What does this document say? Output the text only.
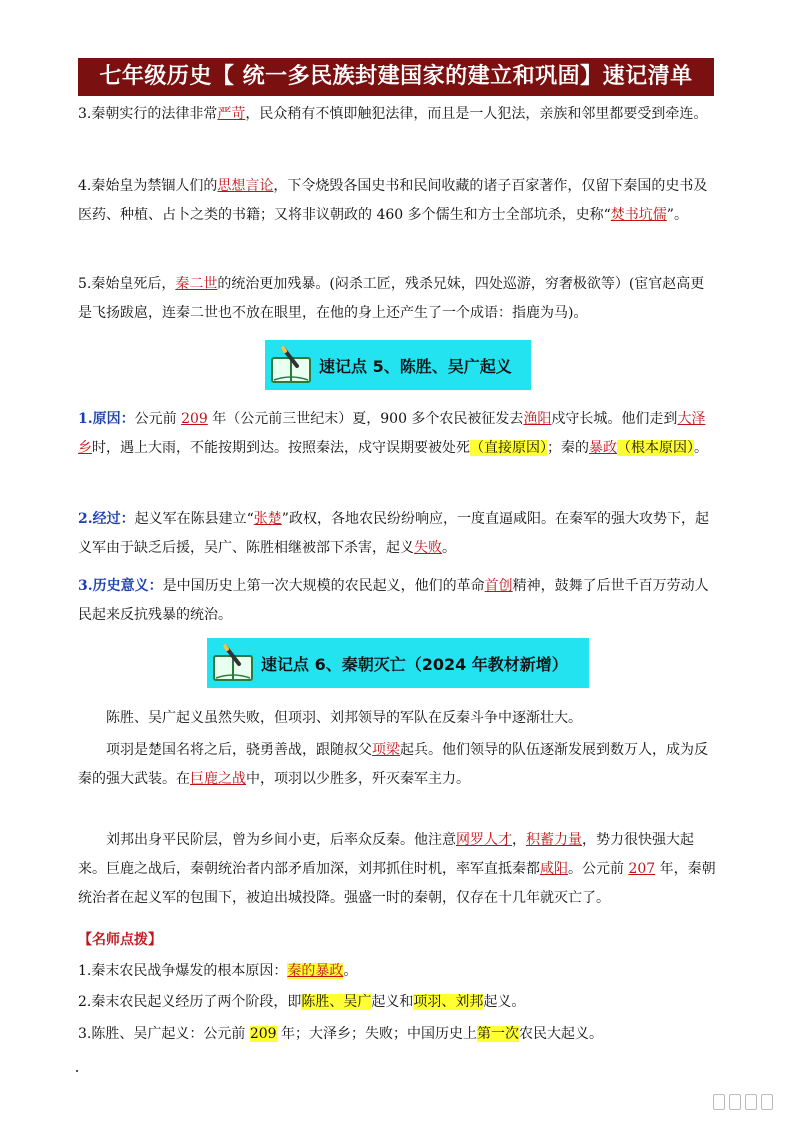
七年级历史【 统一多民族封建国家的建立和巩固】速记清单

3.秦朝实行的法律非常严苛，民众稍有不慎即触犯法律，而且是一人犯法，亲族和邻里都要受到牵连。

4.秦始皇为禁锢人们的思想言论，下令烧毁各国史书和民间收藏的诸子百家著作，仅留下秦国的史书及医药、种植、占卜之类的书籍；又将非议朝政的 460 多个儒生和方士全部坑杀，史称“焚书坑儒”。

5.秦始皇死后，秦二世的统治更加残暴。(闷杀工匠，残杀兄妹，四处巡游，穷奢极欲等）(宦官赵高更是飞扬跋扈，连秦二世也不放在眼里，在他的身上还产生了一个成语：指鹿为马)。

速记点 5、陈胜、吴广起义

1.原因：公元前 209 年（公元前三世纪末）夏，900 多个农民被征发去渔阳戍守长城。他们走到大泽乡时，遇上大雨，不能按期到达。按照秦法，戍守误期要被处死（直接原因）；秦的暴政（根本原因）。

2.经过：起义军在陈县建立“张楚”政权，各地农民纷纷响应，一度直逼咸阳。在秦军的强大攻势下，起义军由于缺乏后援，吴广、陈胜相继被部下杀害，起义失败。

3.历史意义：是中国历史上第一次大规模的农民起义，他们的革命首创精神，鼓舞了后世千百万劳动人民起来反抗残暴的统治。

速记点 6、秦朝灭亡（2024 年教材新增）

陈胜、吴广起义虽然失败，但项羽、刘邦领导的军队在反秦斗争中逐渐壮大。

项羽是楚国名将之后，骁勇善战，跟随叔父项梁起兵。他们领导的队伍逐渐发展到数万人，成为反秦的强大武装。在巨鹿之战中，项羽以少胜多，歼灭秦军主力。

刘邦出身平民阶层，曾为乡间小吏，后率众反秦。他注意网罗人才，积蓄力量，势力很快强大起来。巨鹿之战后，秦朝统治者内部矛盾加深，刘邦抓住时机，率军直抵秦都咸阳。公元前 207 年，秦朝统治者在起义军的包围下，被迫出城投降。强盛一时的秦朝，仅存在十几年就灭亡了。

【名师点拨】

1.秦末农民战争爆发的根本原因：秦的暴政。

2.秦末农民起义经历了两个阶段，即陈胜、吴广起义和项羽、刘邦起义。

3.陈胜、吴广起义：公元前 209 年；大泽乡；失败；中国历史上第一次农民大起义。
